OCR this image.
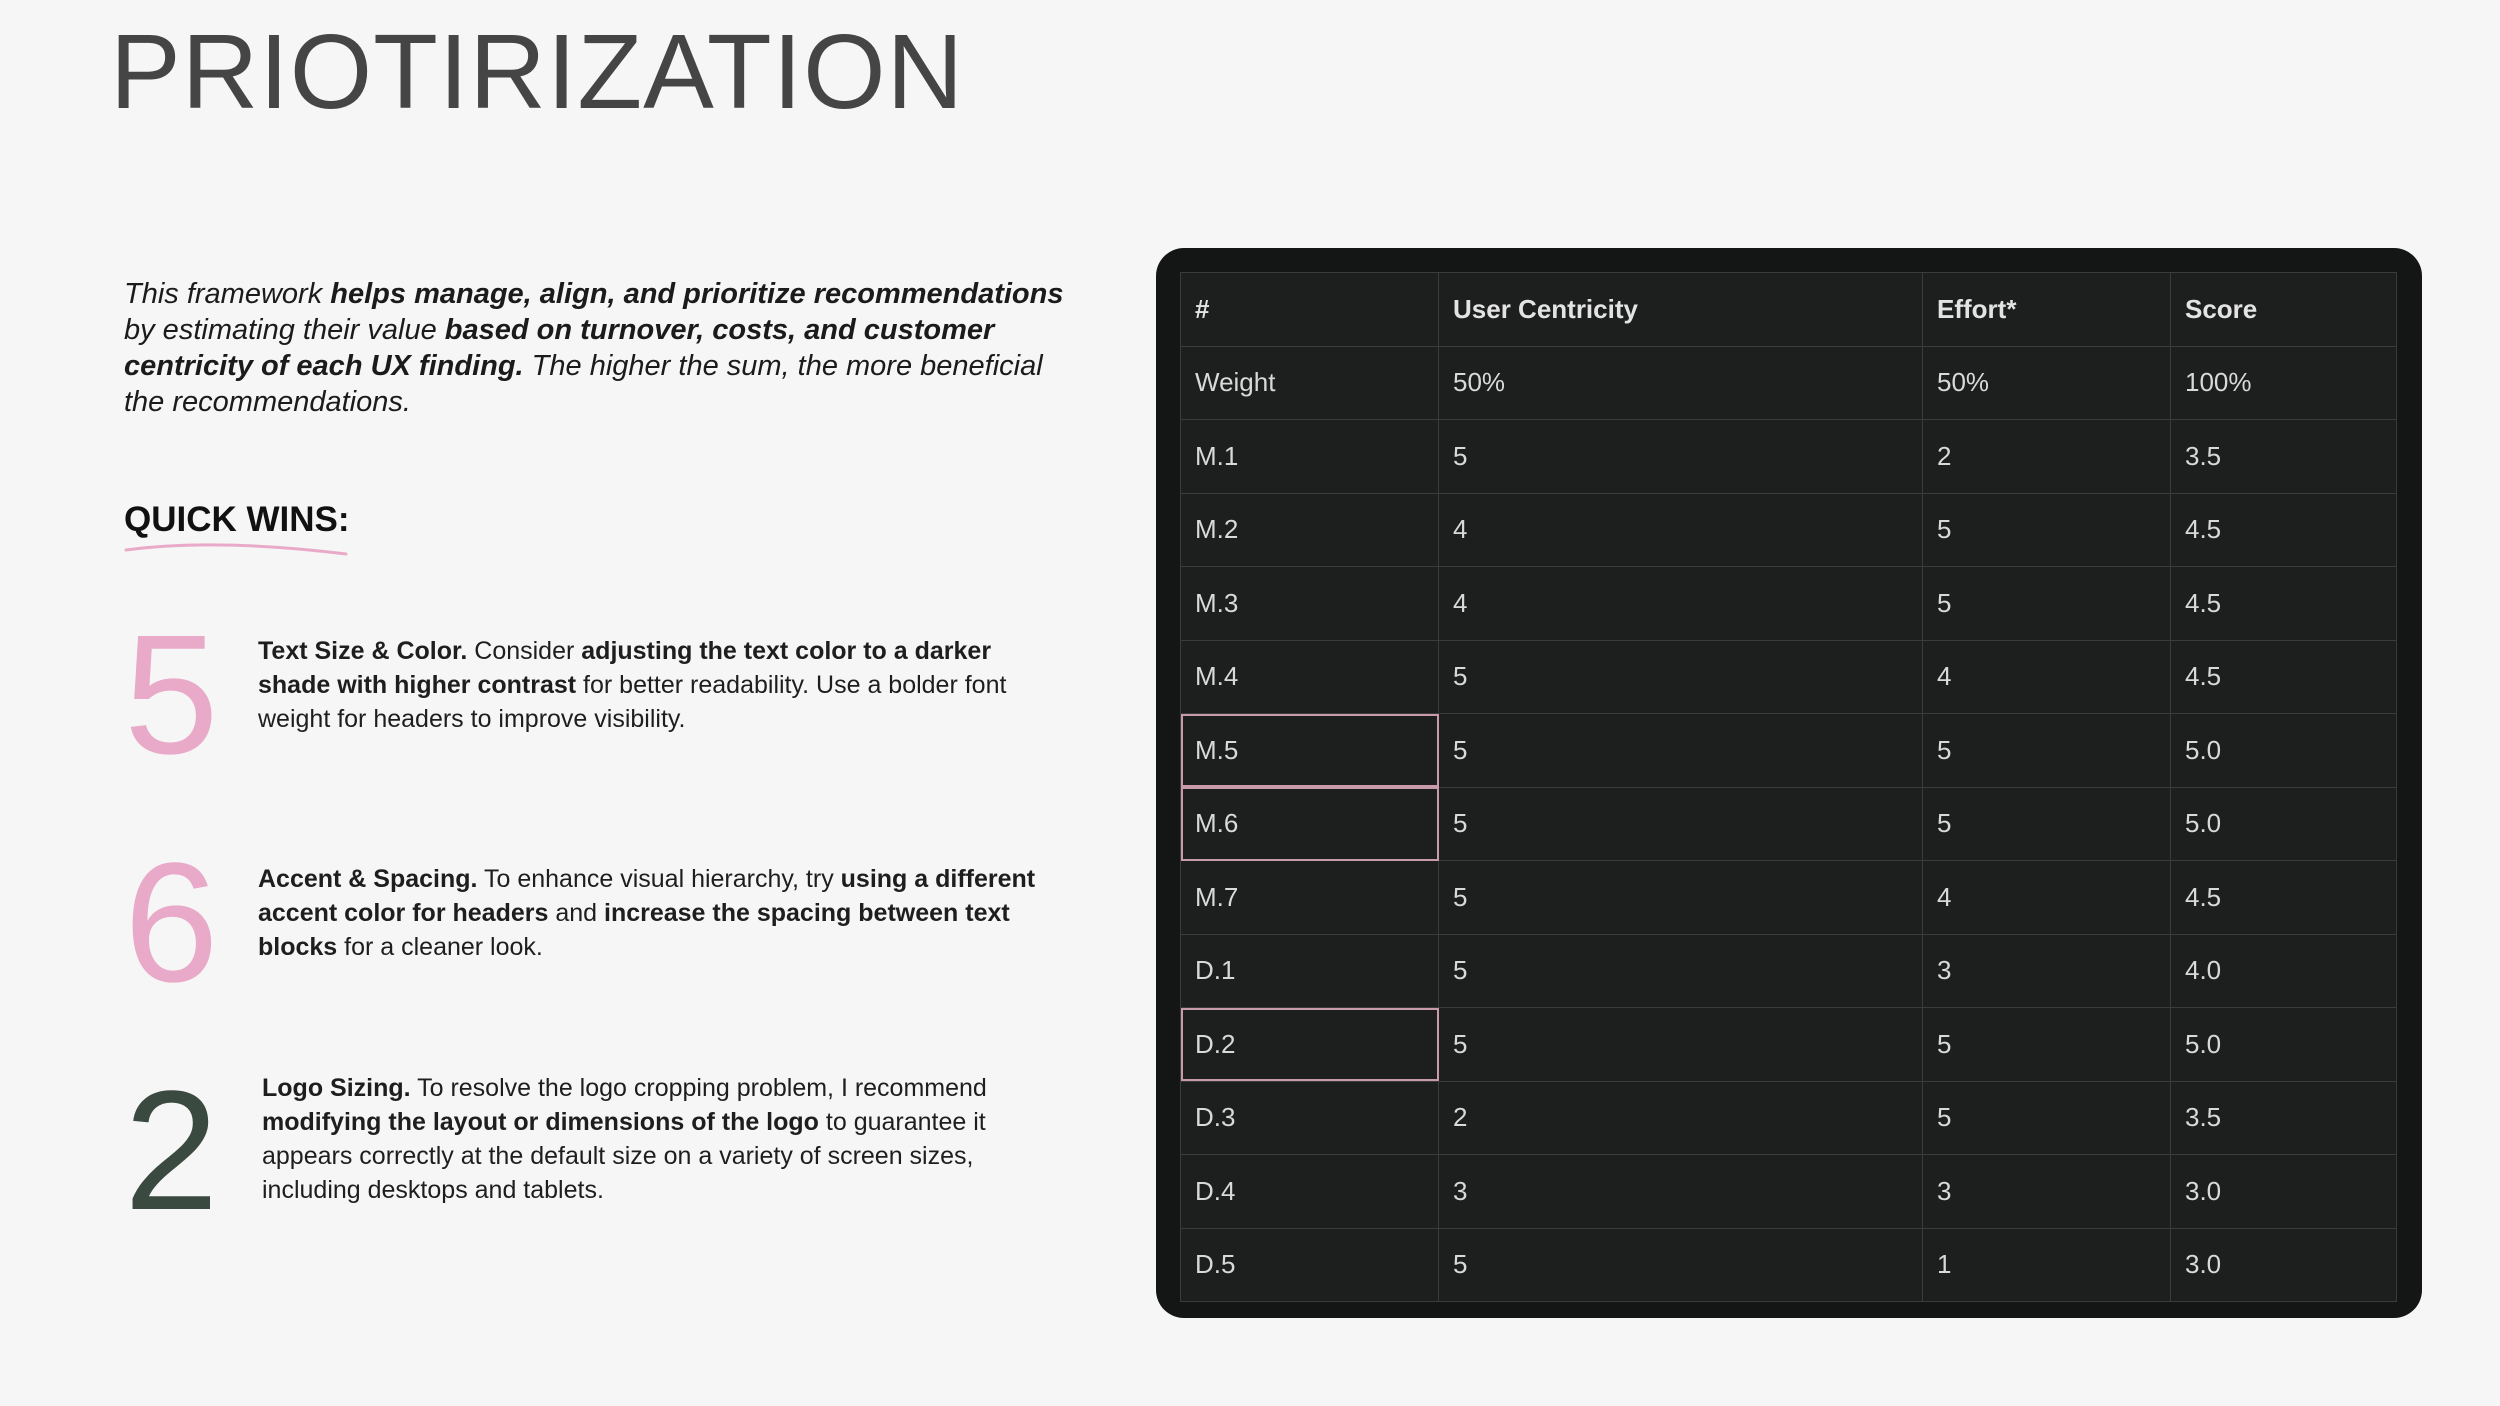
PRIOTIRIZATION
This framework helps manage, align, and prioritize recommendations by estimating their value based on turnover, costs, and customer centricity of each UX finding. The higher the sum, the more beneficial the recommendations.
QUICK WINS:
5 Text Size & Color. Consider adjusting the text color to a darker shade with higher contrast for better readability. Use a bolder font weight for headers to improve visibility.
6 Accent & Spacing. To enhance visual hierarchy, try using a different accent color for headers and increase the spacing between text blocks for a cleaner look.
2 Logo Sizing. To resolve the logo cropping problem, I recommend modifying the layout or dimensions of the logo to guarantee it appears correctly at the default size on a variety of screen sizes, including desktops and tablets.
#	User Centricity	Effort*	Score
Weight	50%	50%	100%
M.1	5	2	3.5
M.2	4	5	4.5
M.3	4	5	4.5
M.4	5	4	4.5
M.5	5	5	5.0
M.6	5	5	5.0
M.7	5	4	4.5
D.1	5	3	4.0
D.2	5	5	5.0
D.3	2	5	3.5
D.4	3	3	3.0
D.5	5	1	3.0
